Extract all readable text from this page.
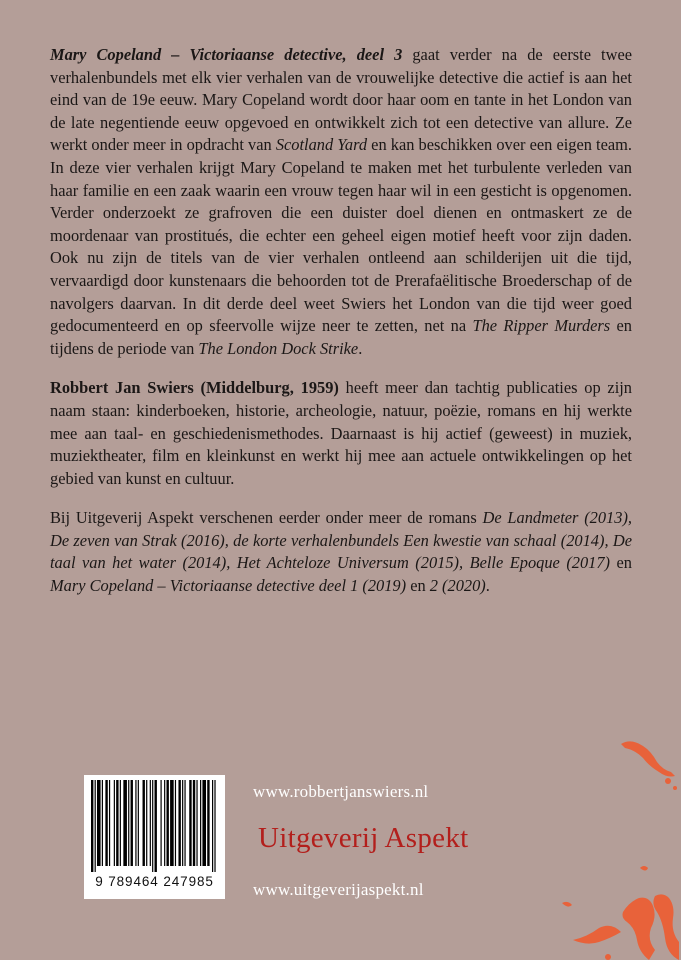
Mary Copeland – Victoriaanse detective, deel 3 gaat verder na de eerste twee verhalenbundels met elk vier verhalen van de vrouwelijke detective die actief is aan het eind van de 19e eeuw. Mary Copeland wordt door haar oom en tante in het London van de late negentiende eeuw opgevoed en ontwikkelt zich tot een detective van allure. Ze werkt onder meer in opdracht van Scotland Yard en kan beschikken over een eigen team. In deze vier verhalen krijgt Mary Copeland te maken met het turbulente verleden van haar familie en een zaak waarin een vrouw tegen haar wil in een gesticht is opgenomen. Verder onderzoekt ze grafroven die een duister doel dienen en ontmaskert ze de moordenaar van prostitués, die echter een geheel eigen motief heeft voor zijn daden. Ook nu zijn de titels van de vier verhalen ontleend aan schilderijen uit die tijd, vervaardigd door kunstenaars die behoorden tot de Prerafaëlitische Broederschap of de navolgers daarvan. In dit derde deel weet Swiers het London van die tijd weer goed gedocumenteerd en op sfeervolle wijze neer te zetten, net na The Ripper Murders en tijdens de periode van The London Dock Strike.

Robbert Jan Swiers (Middelburg, 1959) heeft meer dan tachtig publicaties op zijn naam staan: kinderboeken, historie, archeologie, natuur, poëzie, romans en hij werkte mee aan taal- en geschiedenismethodes. Daarnaast is hij actief (geweest) in muziek, muziektheater, film en kleinkunst en werkt hij mee aan actuele ontwikkelingen op het gebied van kunst en cultuur.

Bij Uitgeverij Aspekt verschenen eerder onder meer de romans De Landmeter (2013), De zeven van Strak (2016), de korte verhalenbundels Een kwestie van schaal (2014), De taal van het water (2014), Het Achteloze Universum (2015), Belle Epoque (2017) en Mary Copeland – Victoriaanse detective deel 1 (2019) en 2 (2020).

9 789464 247985
www.robbertjanswiers.nl
Uitgeverij Aspekt
www.uitgeverijaspekt.nl
